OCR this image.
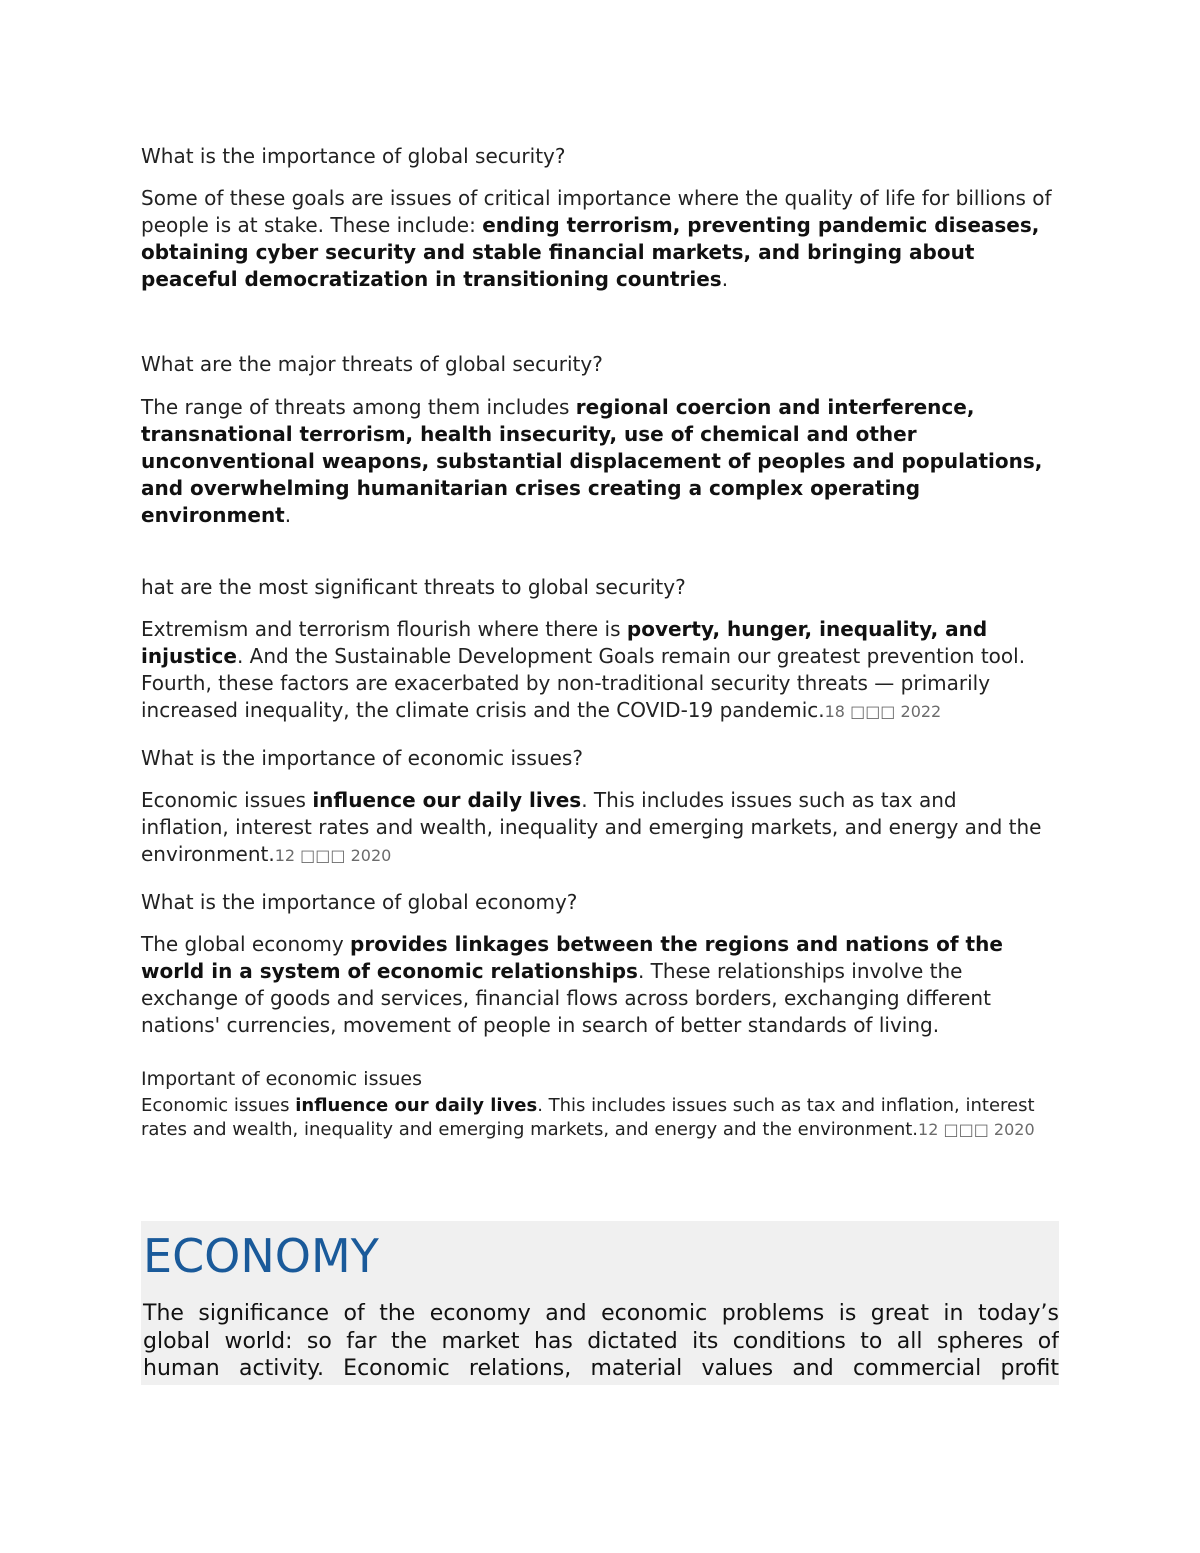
What is the importance of global security?

Some of these goals are issues of critical importance where the quality of life for billions of people is at stake. These include: ending terrorism, preventing pandemic diseases, obtaining cyber security and stable financial markets, and bringing about peaceful democratization in transitioning countries.

What are the major threats of global security?

The range of threats among them includes regional coercion and interference, transnational terrorism, health insecurity, use of chemical and other unconventional weapons, substantial displacement of peoples and populations, and overwhelming humanitarian crises creating a complex operating environment.

hat are the most significant threats to global security?

Extremism and terrorism flourish where there is poverty, hunger, inequality, and injustice. And the Sustainable Development Goals remain our greatest prevention tool. Fourth, these factors are exacerbated by non-traditional security threats — primarily increased inequality, the climate crisis and the COVID-19 pandemic.18 □□□ 2022

What is the importance of economic issues?

Economic issues influence our daily lives. This includes issues such as tax and inflation, interest rates and wealth, inequality and emerging markets, and energy and the environment.12 □□□ 2020

What is the importance of global economy?

The global economy provides linkages between the regions and nations of the world in a system of economic relationships. These relationships involve the exchange of goods and services, financial flows across borders, exchanging different nations' currencies, movement of people in search of better standards of living.

Important of economic issues

Economic issues influence our daily lives. This includes issues such as tax and inflation, interest rates and wealth, inequality and emerging markets, and energy and the environment.12 □□□ 2020

ECONOMY
The significance of the economy and economic problems is great in today’s
global world: so far the market has dictated its conditions to all spheres of
human activity. Economic relations, material values and commercial profit
